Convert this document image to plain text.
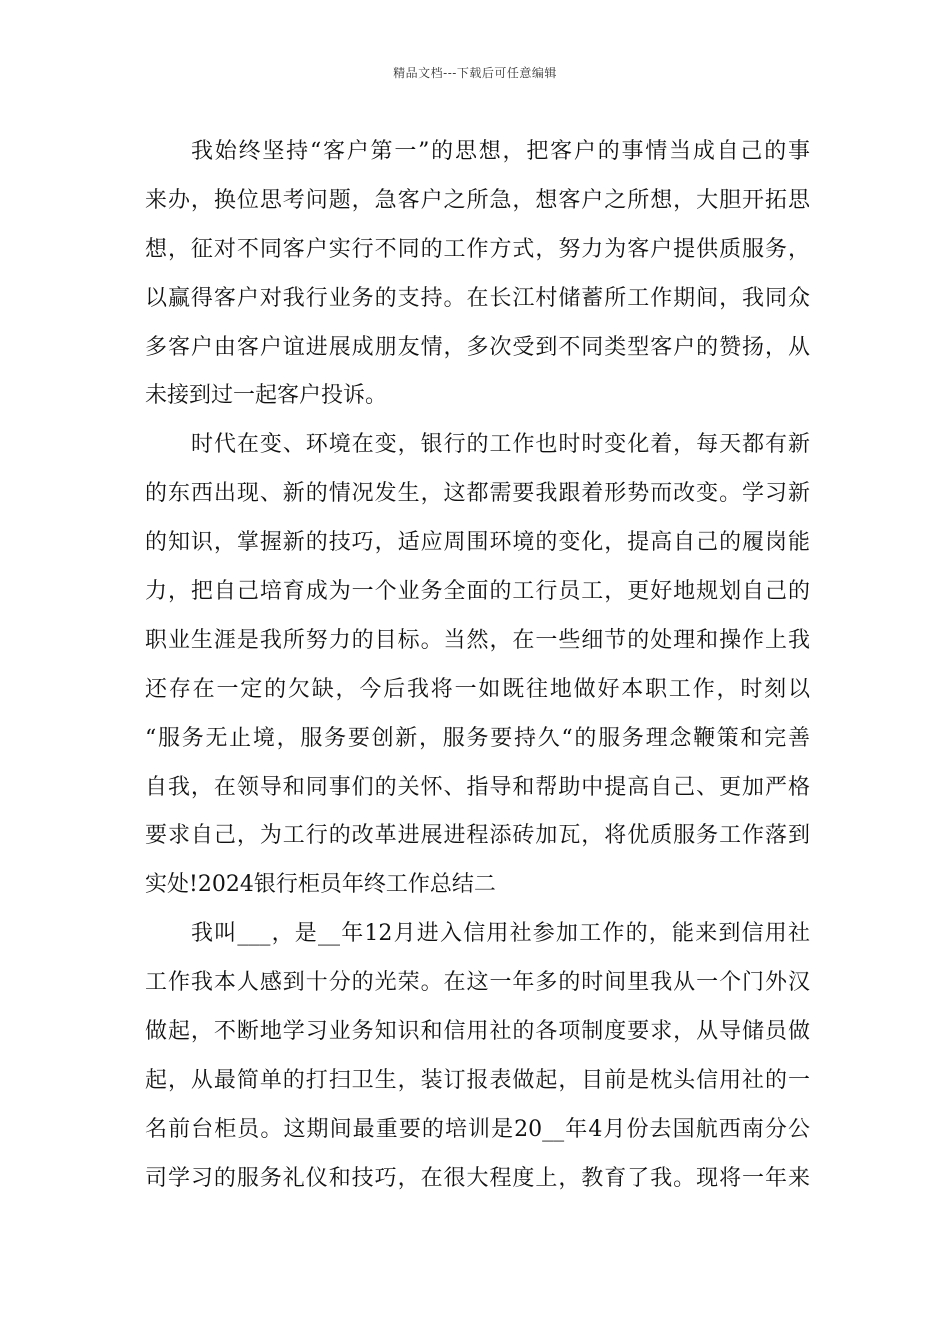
精品文档---下载后可任意编辑
我始终坚持“客户第一”的思想，把客户的事情当成自己的事
来办，换位思考问题，急客户之所急，想客户之所想，大胆开拓思
想，征对不同客户实行不同的工作方式，努力为客户提供质服务，
以赢得客户对我行业务的支持。在长江村储蓄所工作期间，我同众
多客户由客户谊进展成朋友情，多次受到不同类型客户的赞扬，从
未接到过一起客户投诉。
时代在变、环境在变，银行的工作也时时变化着，每天都有新
的东西出现、新的情况发生，这都需要我跟着形势而改变。学习新
的知识，掌握新的技巧，适应周围环境的变化，提高自己的履岗能
力，把自己培育成为一个业务全面的工行员工，更好地规划自己的
职业生涯是我所努力的目标。当然，在一些细节的处理和操作上我
还存在一定的欠缺，今后我将一如既往地做好本职工作，时刻以
“服务无止境，服务要创新，服务要持久“的服务理念鞭策和完善
自我，在领导和同事们的关怀、指导和帮助中提高自己、更加严格
要求自己，为工行的改革进展进程添砖加瓦，将优质服务工作落到
实处!2024银行柜员年终工作总结二
我叫___，是__年12月进入信用社参加工作的，能来到信用社
工作我本人感到十分的光荣。在这一年多的时间里我从一个门外汉
做起，不断地学习业务知识和信用社的各项制度要求，从导储员做
起，从最简单的打扫卫生，装订报表做起，目前是枕头信用社的一
名前台柜员。这期间最重要的培训是20__年4月份去国航西南分公
司学习的服务礼仪和技巧，在很大程度上，教育了我。现将一年来
